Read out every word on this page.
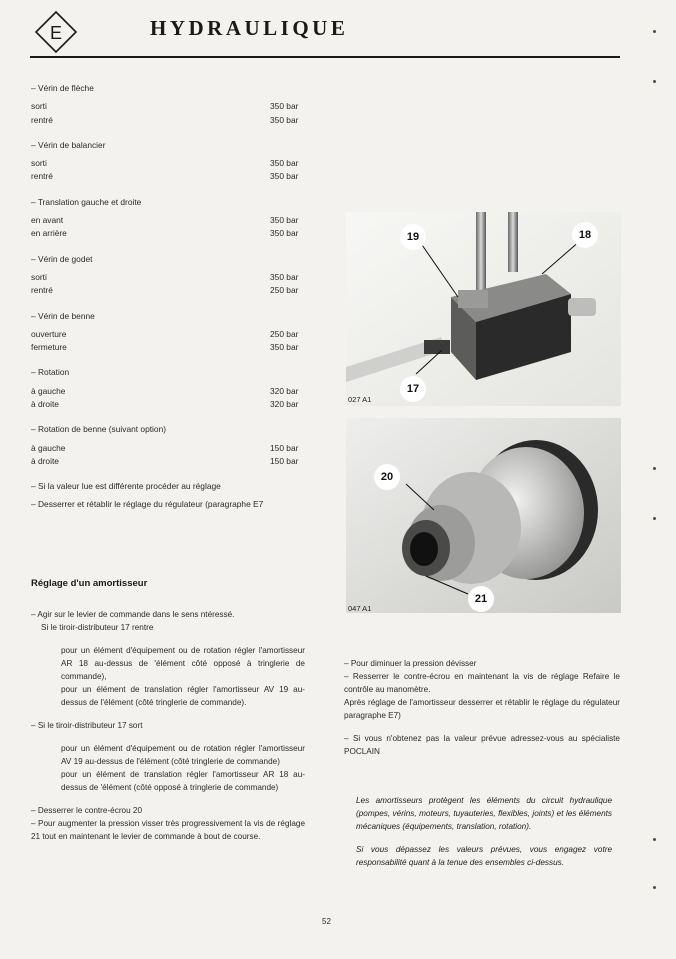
E	HYDRAULIQUE
– Vérin de flèche
sorti	350 bar
rentré	350 bar
– Vérin de balancier
sorti	350 bar
rentré	350 bar
– Translation gauche et droite
en avant	350 bar
en arrière	350 bar
– Vérin de godet
sorti	350 bar
rentré	250 bar
– Vérin de benne
ouverture	250 bar
fermeture	350 bar
– Rotation
à gauche	320 bar
à droite	320 bar
– Rotation de benne (suivant option)
à gauche	150 bar
à droite	150 bar
– Si la valeur lue est différente procéder au réglage
– Desserrer et rétablir le réglage du régulateur (paragraphe E7
Réglage d'un amortisseur

– Agir sur le levier de commande dans le sens ntéressé.

Si le tiroir-distributeur 17 rentre

pour un élément d'équipement ou de rotation régler l'amortisseur AR 18 au-dessus de 'élément côté opposé à tringlerie de commande),

pour un élément de translation régler l'amortisseur AV 19 au-dessus de l'élément (côté tringlerie de commande).

– Si le tiroir-distributeur 17 sort

pour un élément d'équipement ou de rotation régler l'amortisseur AV 19 au-dessus de l'élément (côté tringlerie de commande)

pour un élément de translation régler l'amortisseur AR 18 au-dessus de 'élément (côté opposé à tringlerie de commande)

– Desserrer le contre-écrou 20

– Pour augmenter la pression visser très progressivement la vis de réglage 21 tout en maintenant le levier de commande à bout de course.

19	18
17
027 A1
20
21
047 A1

– Pour diminuer la pression dévisser

– Resserrer le contre-écrou en maintenant la vis de réglage Refaire le contrôle au manomètre.

Après réglage de l'amortisseur desserrer et rétablir le réglage du régulateur paragraphe E7)

– Si vous n'obtenez pas la valeur prévue adressez-vous au spécialiste POCLAIN

Les amortisseurs protègent les éléments du circuit hydraulique (pompes, vérins, moteurs, tuyauteries, flexibles, joints) et les éléments mécaniques (équipements, translation, rotation).

Si vous dépassez les valeurs prévues, vous engagez votre responsabilité quant à la tenue des ensembles ci-dessus.

52
